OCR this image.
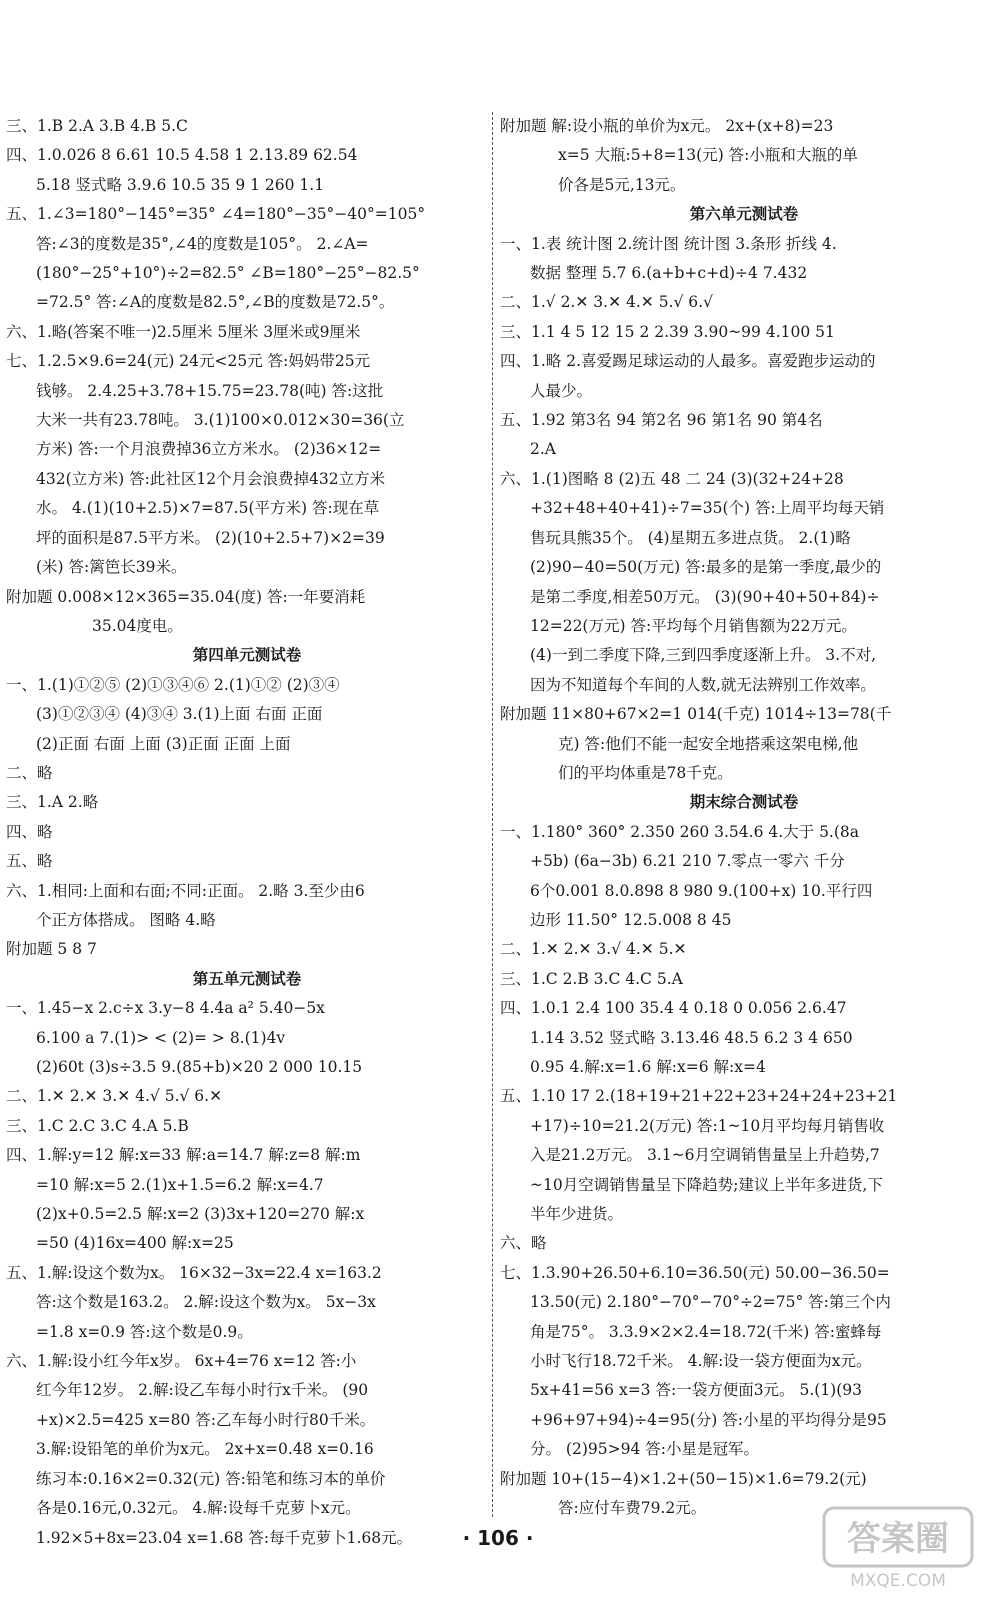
三、1.B 2.A 3.B 4.B 5.C
四、1.0.026 8 6.61 10.5 4.58 1 2.13.89 62.54
5.18 竖式略 3.9.6 10.5 35 9 1 260 1.1
五、1.∠3=180°−145°=35° ∠4=180°−35°−40°=105°
答:∠3的度数是35°,∠4的度数是105°。 2.∠A=
(180°−25°+10°)÷2=82.5° ∠B=180°−25°−82.5°
=72.5° 答:∠A的度数是82.5°,∠B的度数是72.5°。
六、1.略(答案不唯一)2.5厘米 5厘米 3厘米或9厘米
七、1.2.5×9.6=24(元) 24元<25元 答:妈妈带25元
钱够。 2.4.25+3.78+15.75=23.78(吨) 答:这批
大米一共有23.78吨。 3.(1)100×0.012×30=36(立
方米) 答:一个月浪费掉36立方米水。 (2)36×12=
432(立方米) 答:此社区12个月会浪费掉432立方米
水。 4.(1)(10+2.5)×7=87.5(平方米) 答:现在草
坪的面积是87.5平方米。 (2)(10+2.5+7)×2=39
(米) 答:篱笆长39米。
附加题 0.008×12×365=35.04(度) 答:一年要消耗
35.04度电。
第四单元测试卷
一、1.(1)①②⑤ (2)①③④⑥ 2.(1)①② (2)③④
(3)①②③④ (4)③④ 3.(1)上面 右面 正面
(2)正面 右面 上面 (3)正面 正面 上面
二、略
三、1.A 2.略
四、略
五、略
六、1.相同:上面和右面;不同:正面。 2.略 3.至少由6
个正方体搭成。 图略 4.略
附加题 5 8 7
第五单元测试卷
一、1.45−x 2.c÷x 3.y−8 4.4a a² 5.40−5x
6.100 a 7.(1)> < (2)= > 8.(1)4v
(2)60t (3)s÷3.5 9.(85+b)×20 2 000 10.15
二、1.✕ 2.✕ 3.✕ 4.√ 5.√ 6.✕
三、1.C 2.C 3.C 4.A 5.B
四、1.解:y=12 解:x=33 解:a=14.7 解:z=8 解:m
=10 解:x=5 2.(1)x+1.5=6.2 解:x=4.7
(2)x+0.5=2.5 解:x=2 (3)3x+120=270 解:x
=50 (4)16x=400 解:x=25
五、1.解:设这个数为x。 16×32−3x=22.4 x=163.2
答:这个数是163.2。 2.解:设这个数为x。 5x−3x
=1.8 x=0.9 答:这个数是0.9。
六、1.解:设小红今年x岁。 6x+4=76 x=12 答:小
红今年12岁。 2.解:设乙车每小时行x千米。 (90
+x)×2.5=425 x=80 答:乙车每小时行80千米。
3.解:设铅笔的单价为x元。 2x+x=0.48 x=0.16
练习本:0.16×2=0.32(元) 答:铅笔和练习本的单价
各是0.16元,0.32元。 4.解:设每千克萝卜x元。
1.92×5+8x=23.04 x=1.68 答:每千克萝卜1.68元。
附加题 解:设小瓶的单价为x元。 2x+(x+8)=23
x=5 大瓶:5+8=13(元) 答:小瓶和大瓶的单
价各是5元,13元。
第六单元测试卷
一、1.表 统计图 2.统计图 统计图 3.条形 折线 4.
数据 整理 5.7 6.(a+b+c+d)÷4 7.432
二、1.√ 2.✕ 3.✕ 4.✕ 5.√ 6.√
三、1.1 4 5 12 15 2 2.39 3.90~99 4.100 51
四、1.略 2.喜爱踢足球运动的人最多。喜爱跑步运动的
人最少。
五、1.92 第3名 94 第2名 96 第1名 90 第4名
2.A
六、1.(1)图略 8 (2)五 48 二 24 (3)(32+24+28
+32+48+40+41)÷7=35(个) 答:上周平均每天销
售玩具熊35个。 (4)星期五多进点货。 2.(1)略
(2)90−40=50(万元) 答:最多的是第一季度,最少的
是第二季度,相差50万元。 (3)(90+40+50+84)÷
12=22(万元) 答:平均每个月销售额为22万元。
(4)一到二季度下降,三到四季度逐渐上升。 3.不对,
因为不知道每个车间的人数,就无法辨别工作效率。
附加题 11×80+67×2=1 014(千克) 1014÷13=78(千
克) 答:他们不能一起安全地搭乘这架电梯,他
们的平均体重是78千克。
期末综合测试卷
一、1.180° 360° 2.350 260 3.54.6 4.大于 5.(8a
+5b) (6a−3b) 6.21 210 7.零点一零六 千分
6个0.001 8.0.898 8 980 9.(100+x) 10.平行四
边形 11.50° 12.5.008 8 45
二、1.✕ 2.✕ 3.√ 4.✕ 5.✕
三、1.C 2.B 3.C 4.C 5.A
四、1.0.1 2.4 100 35.4 4 0.18 0 0.056 2.6.47
1.14 3.52 竖式略 3.13.46 48.5 6.2 3 4 650
0.95 4.解:x=1.6 解:x=6 解:x=4
五、1.10 17 2.(18+19+21+22+23+24+24+23+21
+17)÷10=21.2(万元) 答:1~10月平均每月销售收
入是21.2万元。 3.1~6月空调销售量呈上升趋势,7
~10月空调销售量呈下降趋势;建议上半年多进货,下
半年少进货。
六、略
七、1.3.90+26.50+6.10=36.50(元) 50.00−36.50=
13.50(元) 2.180°−70°−70°÷2=75° 答:第三个内
角是75°。 3.3.9×2×2.4=18.72(千米) 答:蜜蜂每
小时飞行18.72千米。 4.解:设一袋方便面为x元。
5x+41=56 x=3 答:一袋方便面3元。 5.(1)(93
+96+97+94)÷4=95(分) 答:小星的平均得分是95
分。 (2)95>94 答:小星是冠军。
附加题 10+(15−4)×1.2+(50−15)×1.6=79.2(元)
答:应付车费79.2元。
· 106 ·	答案圈
MXQE.COM
